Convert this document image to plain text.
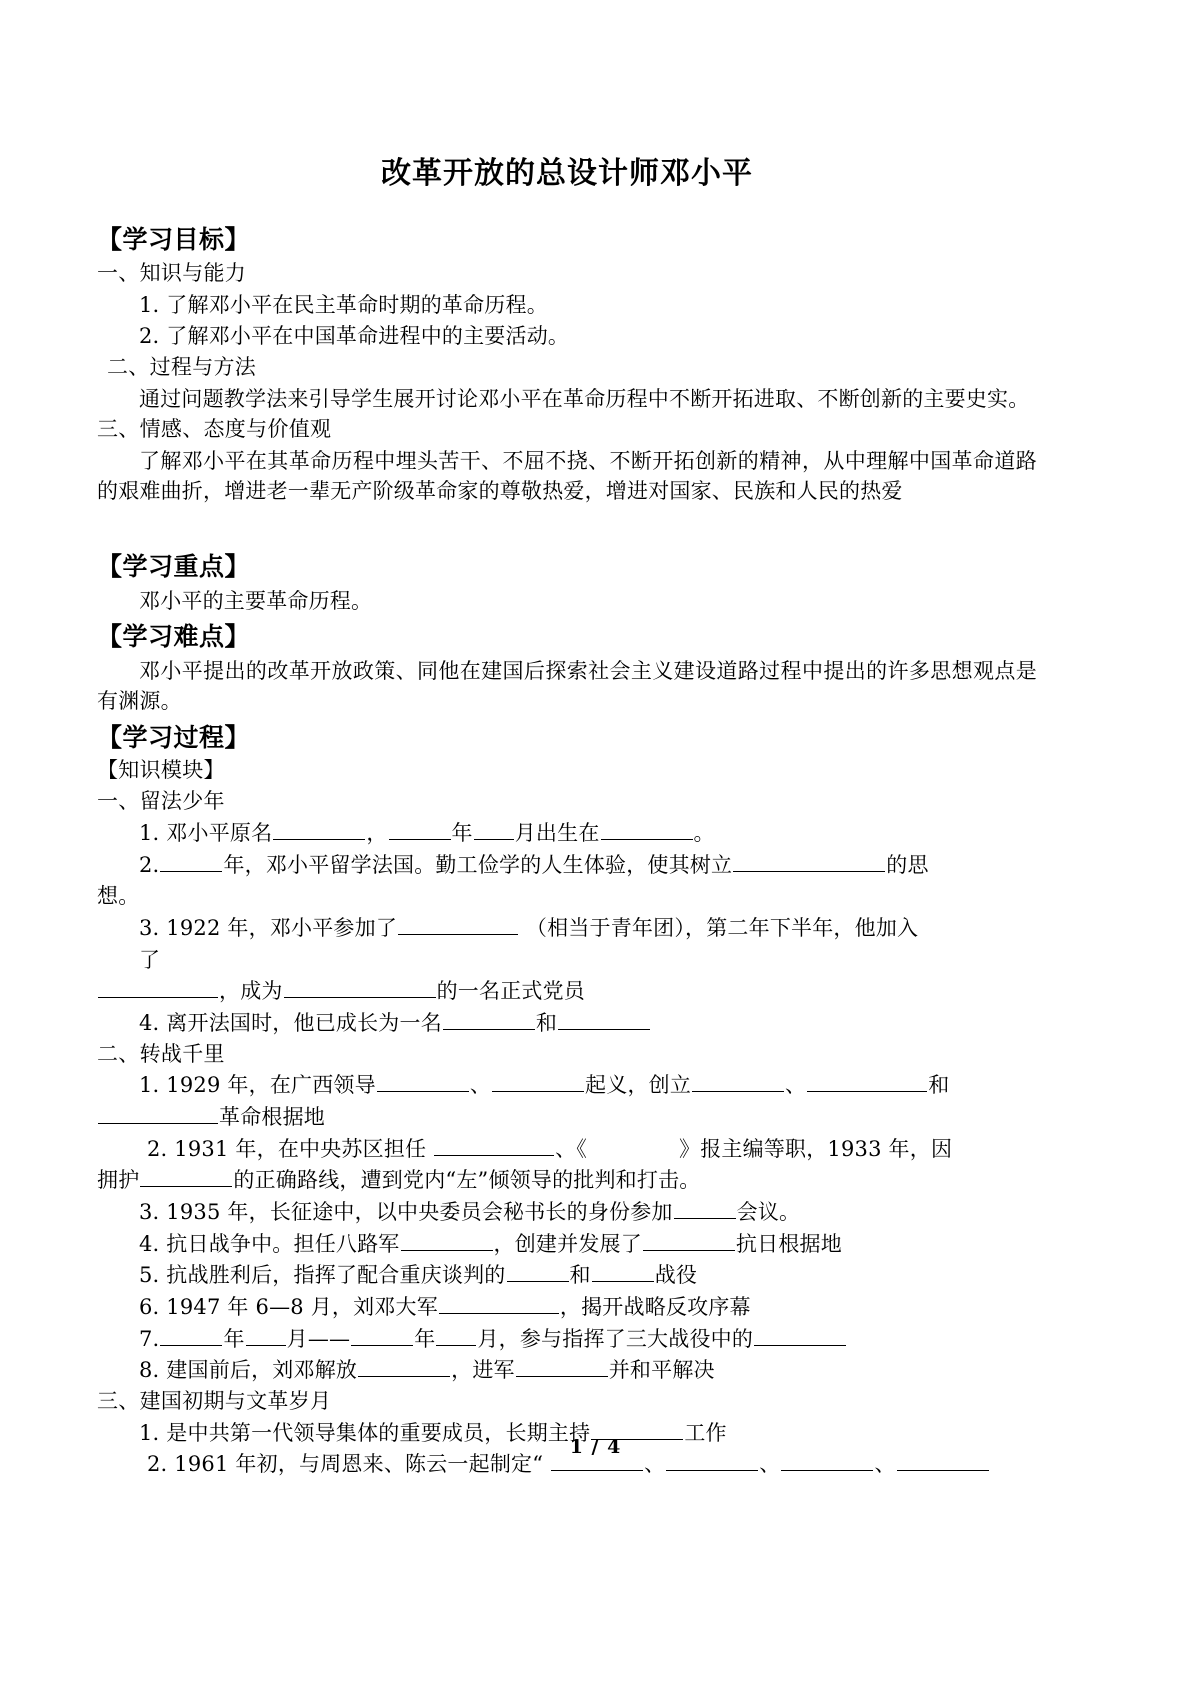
改革开放的总设计师邓小平
【学习目标】
一、知识与能力
1. 了解邓小平在民主革命时期的革命历程。
2. 了解邓小平在中国革命进程中的主要活动。
二、过程与方法
通过问题教学法来引导学生展开讨论邓小平在革命历程中不断开拓进取、不断创新的主要史实。
三、情感、态度与价值观
了解邓小平在其革命历程中埋头苦干、不屈不挠、不断开拓创新的精神，从中理解中国革命道路的艰难曲折，增进老一辈无产阶级革命家的尊敬热爱，增进对国家、民族和人民的热爱
【学习重点】
邓小平的主要革命历程。
【学习难点】
邓小平提出的改革开放政策、同他在建国后探索社会主义建设道路过程中提出的许多思想观点是有渊源。
【学习过程】
【知识模块】
一、留法少年
1. 邓小平原名	，	年 月出生在	。
2.	年，邓小平留学法国。勤工俭学的人生体验，使其树立	的思
想。
3. 1922 年，邓小平参加了	（相当于青年团），第二年下半年，他加入
了
，成为	的一名正式党员
4. 离开法国时，他已成长为一名	和
二、转战千里
1. 1929 年，在广西领导	、	起义，创立	、	和
革命根据地
2. 1931 年，在中央苏区担任	、《	》报主编等职，1933 年，因
拥护	的正确路线，遭到党内“左”倾领导的批判和打击。
3. 1935 年，长征途中，以中央委员会秘书长的身份参加	会议。
4. 抗日战争中。担任八路军	，创建并发展了	抗日根据地
5. 抗战胜利后，指挥了配合重庆谈判的	和	战役
6. 1947 年 6—8 月，刘邓大军	，揭开战略反攻序幕
7.	年 月——	年 月，参与指挥了三大战役中的
8. 建国前后，刘邓解放	，进军	并和平解决
三、建国初期与文革岁月
1. 是中共第一代领导集体的重要成员，长期主持	工作
2. 1961 年初，与周恩来、陈云一起制定“	、	、	、
1 / 4
